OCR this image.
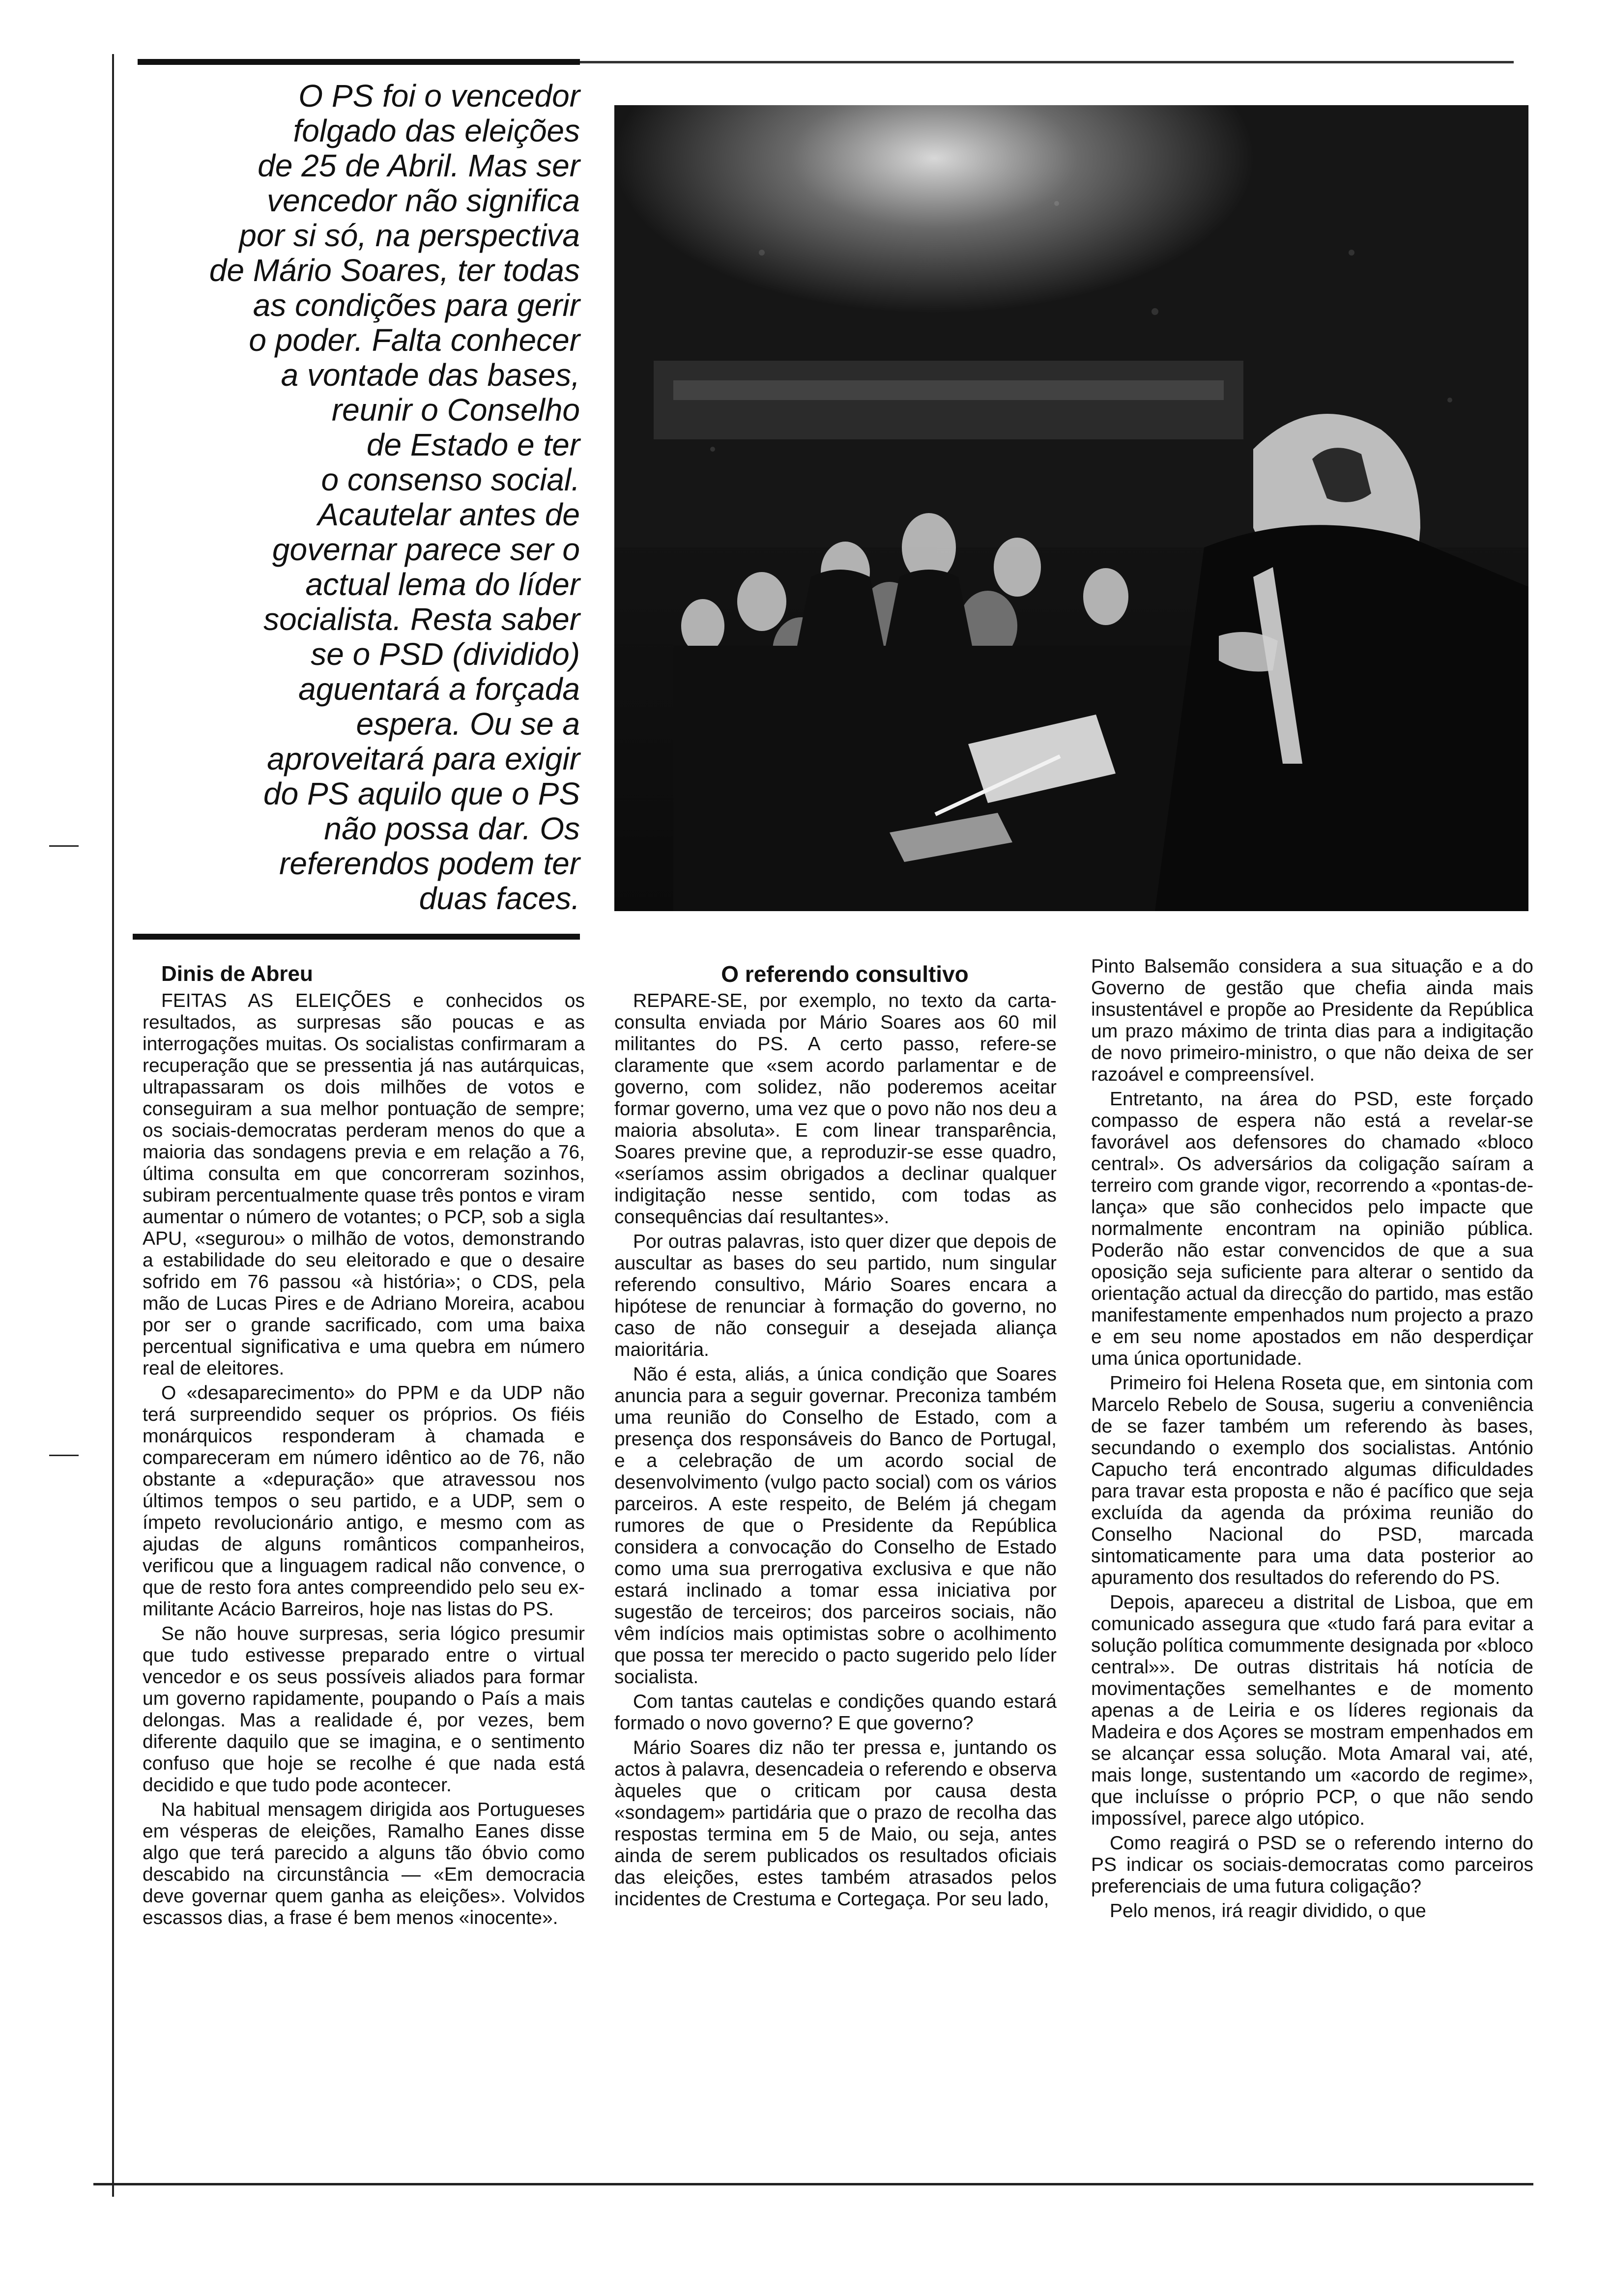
O PS foi o vencedor
folgado das eleições
de 25 de Abril. Mas ser
vencedor não significa
por si só, na perspectiva
de Mário Soares, ter todas
as condições para gerir
o poder. Falta conhecer
a vontade das bases,
reunir o Conselho
de Estado e ter
o consenso social.
Acautelar antes de
governar parece ser o
actual lema do líder
socialista. Resta saber
se o PSD (dividido)
aguentará a forçada
espera. Ou se a
aproveitará para exigir
do PS aquilo que o PS
não possa dar. Os
referendos podem ter
duas faces.

Dinis de Abreu

FEITAS AS ELEIÇÕES e conhecidos os resultados, as surpresas são poucas e as interrogações muitas. Os socialistas confirmaram a recuperação que se pressentia já nas autárquicas, ultrapassaram os dois milhões de votos e conseguiram a sua melhor pontuação de sempre; os sociais-democratas perderam menos do que a maioria das sondagens previa e em relação a 76, última consulta em que concorreram sozinhos, subiram percentualmente quase três pontos e viram aumentar o número de votantes; o PCP, sob a sigla APU, «segurou» o milhão de votos, demonstrando a estabilidade do seu eleitorado e que o desaire sofrido em 76 passou «à história»; o CDS, pela mão de Lucas Pires e de Adriano Moreira, acabou por ser o grande sacrificado, com uma baixa percentual significativa e uma quebra em número real de eleitores.

O «desaparecimento» do PPM e da UDP não terá surpreendido sequer os próprios. Os fiéis monárquicos responderam à chamada e compareceram em número idêntico ao de 76, não obstante a «depuração» que atravessou nos últimos tempos o seu partido, e a UDP, sem o ímpeto revolucionário antigo, e mesmo com as ajudas de alguns românticos companheiros, verificou que a linguagem radical não convence, o que de resto fora antes compreendido pelo seu ex-militante Acácio Barreiros, hoje nas listas do PS.

Se não houve surpresas, seria lógico presumir que tudo estivesse preparado entre o virtual vencedor e os seus possíveis aliados para formar um governo rapidamente, poupando o País a mais delongas. Mas a realidade é, por vezes, bem diferente daquilo que se imagina, e o sentimento confuso que hoje se recolhe é que nada está decidido e que tudo pode acontecer.

Na habitual mensagem dirigida aos Portugueses em vésperas de eleições, Ramalho Eanes disse algo que terá parecido a alguns tão óbvio como descabido na circunstância — «Em democracia deve governar quem ganha as eleições». Volvidos escassos dias, a frase é bem menos «inocente».

O referendo consultivo

REPARE-SE, por exemplo, no texto da carta-consulta enviada por Mário Soares aos 60 mil militantes do PS. A certo passo, refere-se claramente que «sem acordo parlamentar e de governo, com solidez, não poderemos aceitar formar governo, uma vez que o povo não nos deu a maioria absoluta». E com linear transparência, Soares previne que, a reproduzir-se esse quadro, «seríamos assim obrigados a declinar qualquer indigitação nesse sentido, com todas as consequências daí resultantes».

Por outras palavras, isto quer dizer que depois de auscultar as bases do seu partido, num singular referendo consultivo, Mário Soares encara a hipótese de renunciar à formação do governo, no caso de não conseguir a desejada aliança maioritária.

Não é esta, aliás, a única condição que Soares anuncia para a seguir governar. Preconiza também uma reunião do Conselho de Estado, com a presença dos responsáveis do Banco de Portugal, e a celebração de um acordo social de desenvolvimento (vulgo pacto social) com os vários parceiros. A este respeito, de Belém já chegam rumores de que o Presidente da República considera a convocação do Conselho de Estado como uma sua prerrogativa exclusiva e que não estará inclinado a tomar essa iniciativa por sugestão de terceiros; dos parceiros sociais, não vêm indícios mais optimistas sobre o acolhimento que possa ter merecido o pacto sugerido pelo líder socialista.

Com tantas cautelas e condições quando estará formado o novo governo? E que governo?

Mário Soares diz não ter pressa e, juntando os actos à palavra, desencadeia o referendo e observa àqueles que o criticam por causa desta «sondagem» partidária que o prazo de recolha das respostas termina em 5 de Maio, ou seja, antes ainda de serem publicados os resultados oficiais das eleições, estes também atrasados pelos incidentes de Crestuma e Cortegaça. Por seu lado,

Pinto Balsemão considera a sua situação e a do Governo de gestão que chefia ainda mais insustentável e propõe ao Presidente da República um prazo máximo de trinta dias para a indigitação de novo primeiro-ministro, o que não deixa de ser razoável e compreensível.

Entretanto, na área do PSD, este forçado compasso de espera não está a revelar-se favorável aos defensores do chamado «bloco central». Os adversários da coligação saíram a terreiro com grande vigor, recorrendo a «pontas-de-lança» que são conhecidos pelo impacte que normalmente encontram na opinião pública. Poderão não estar convencidos de que a sua oposição seja suficiente para alterar o sentido da orientação actual da direcção do partido, mas estão manifestamente empenhados num projecto a prazo e em seu nome apostados em não desperdiçar uma única oportunidade.

Primeiro foi Helena Roseta que, em sintonia com Marcelo Rebelo de Sousa, sugeriu a conveniência de se fazer também um referendo às bases, secundando o exemplo dos socialistas. António Capucho terá encontrado algumas dificuldades para travar esta proposta e não é pacífico que seja excluída da agenda da próxima reunião do Conselho Nacional do PSD, marcada sintomaticamente para uma data posterior ao apuramento dos resultados do referendo do PS.

Depois, apareceu a distrital de Lisboa, que em comunicado assegura que «tudo fará para evitar a solução política comummente designada por «bloco central»». De outras distritais há notícia de movimentações semelhantes e de momento apenas a de Leiria e os líderes regionais da Madeira e dos Açores se mostram empenhados em se alcançar essa solução. Mota Amaral vai, até, mais longe, sustentando um «acordo de regime», que incluísse o próprio PCP, o que não sendo impossível, parece algo utópico.

Como reagirá o PSD se o referendo interno do PS indicar os sociais-democratas como parceiros preferenciais de uma futura coligação?

Pelo menos, irá reagir dividido, o que
